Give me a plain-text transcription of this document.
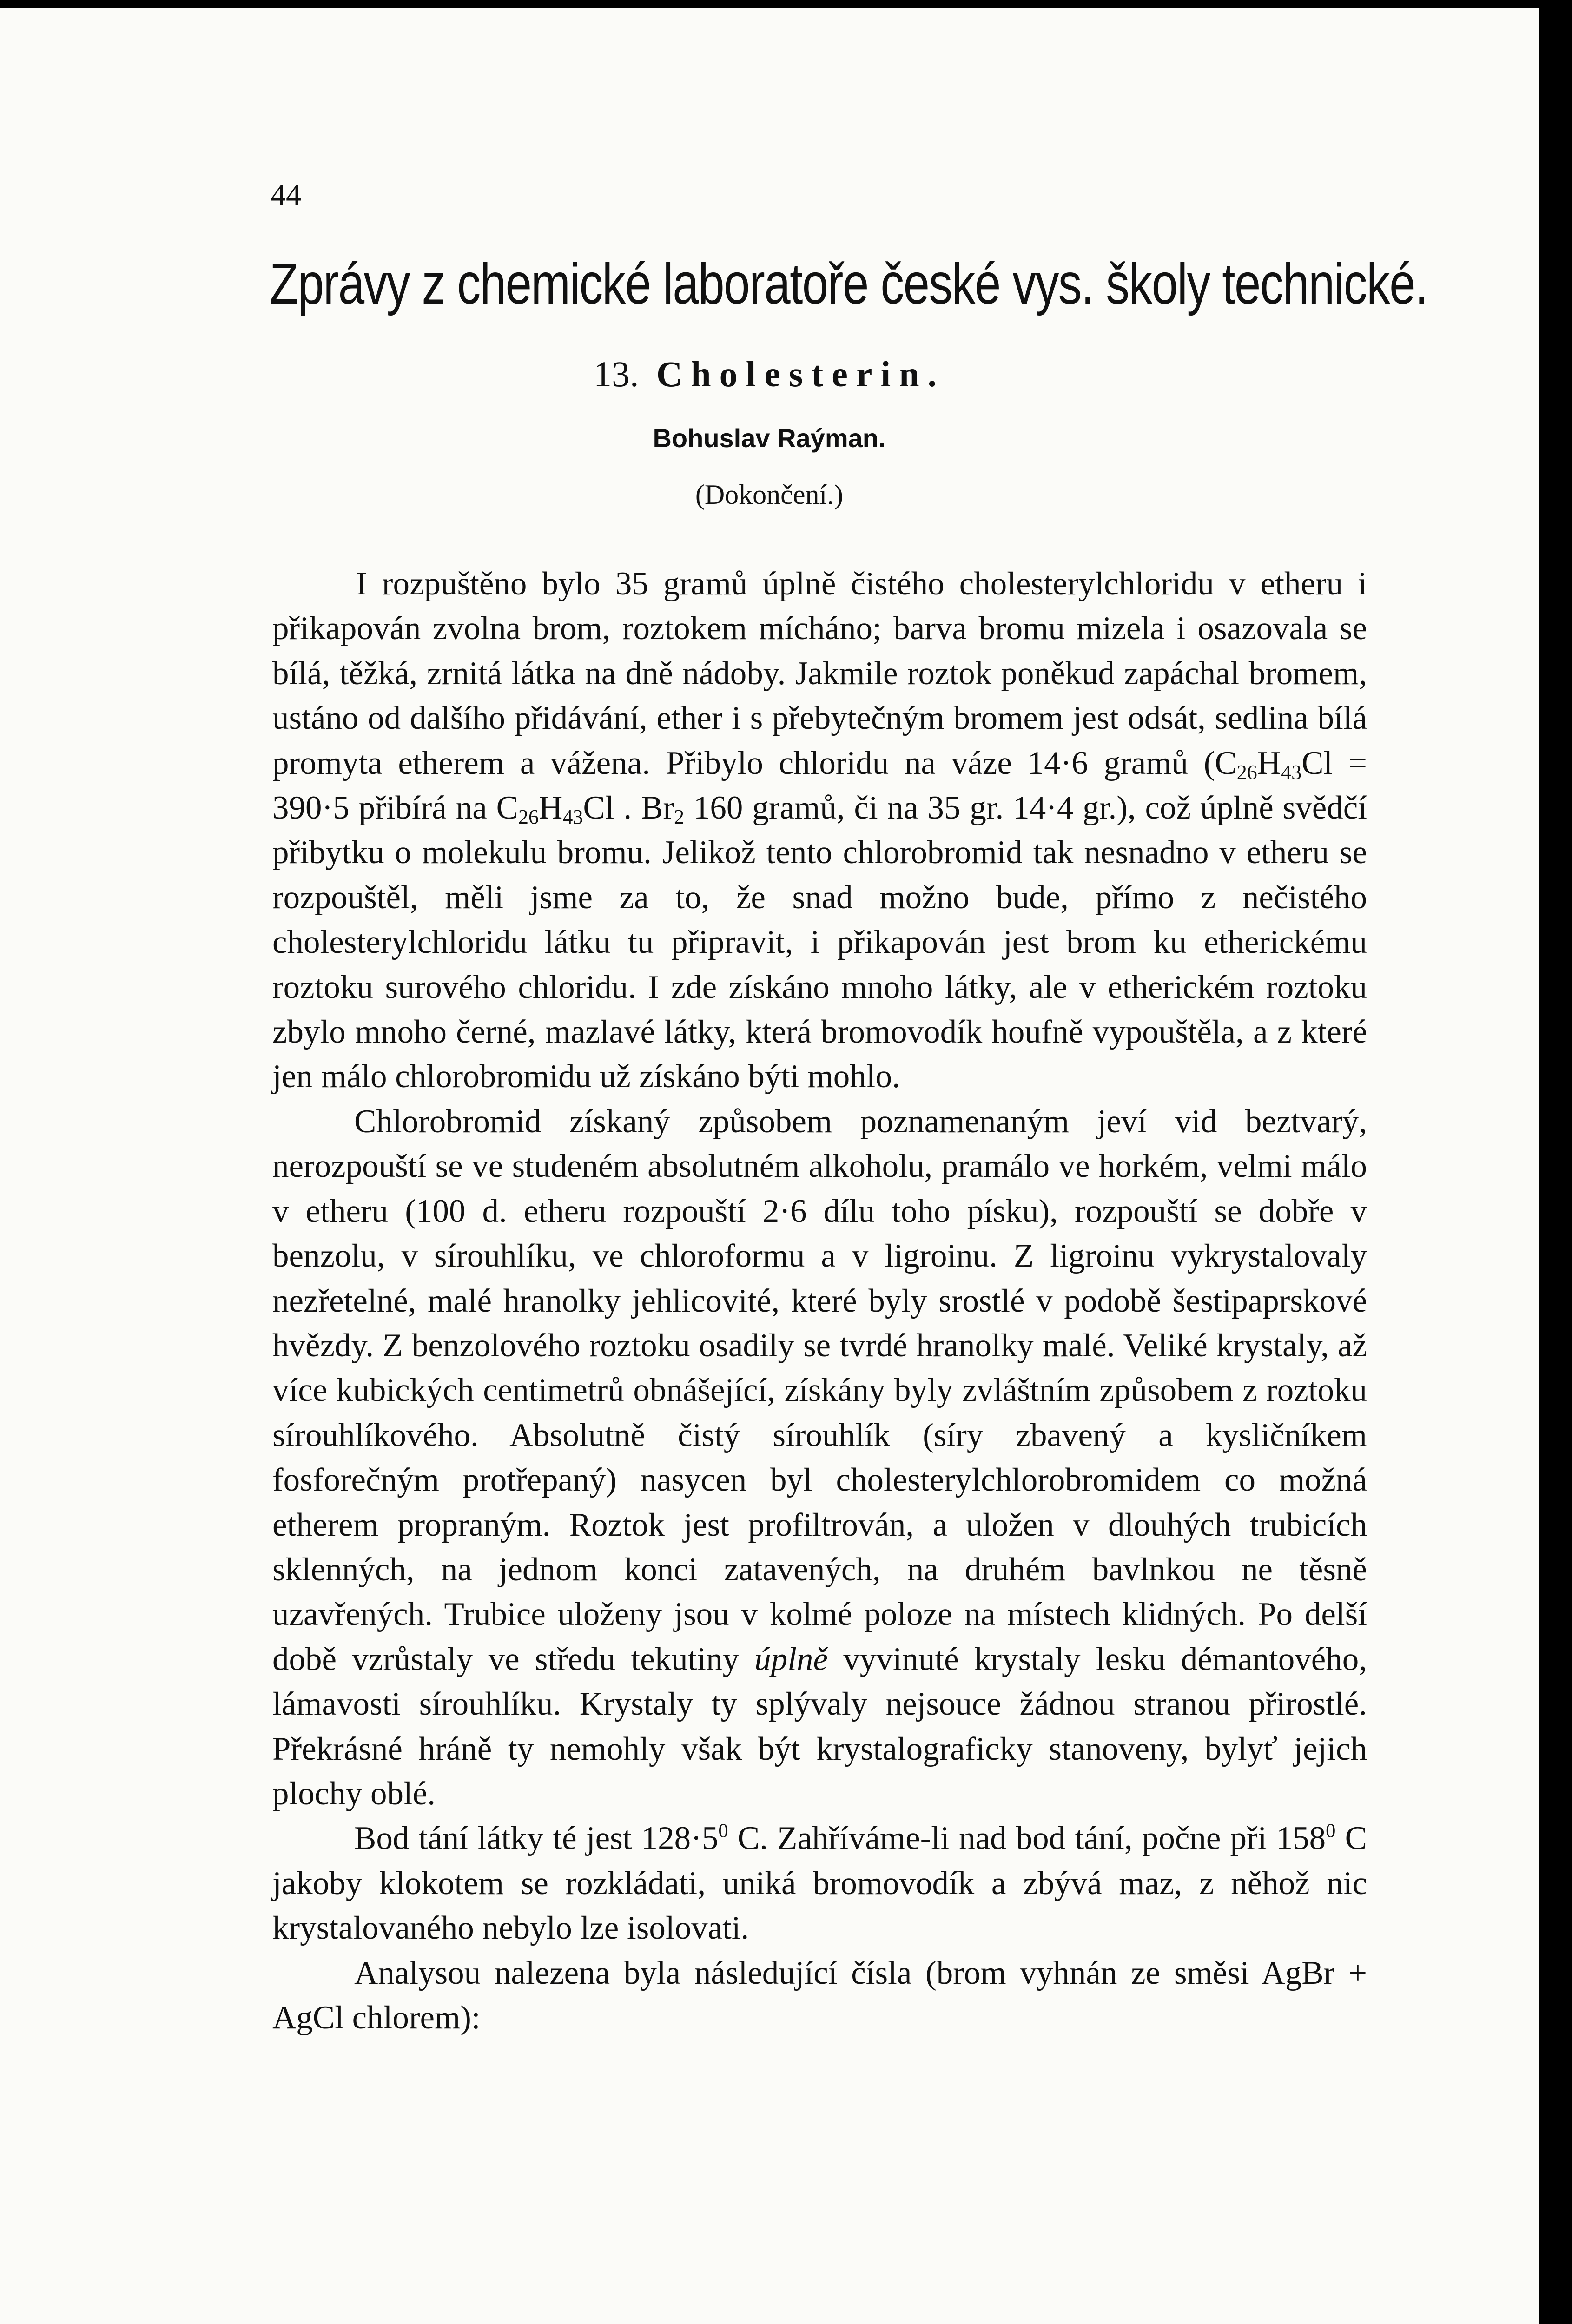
44
Zprávy z chemické laboratoře české vys. školy technické.
13. Cholesterin.
Bohuslav Raýman.
(Dokončení.)

I rozpuštěno bylo 35 gramů úplně čistého cholesterylchloridu v etheru i přikapován zvolna brom, roztokem mícháno; barva bromu mizela i osazovala se bílá, těžká, zrnitá látka na dně nádoby. Jakmile roztok poněkud zapáchal bromem, ustáno od dalšího přidávání, ether i s přebytečným bromem jest odsát, sedlina bílá promyta etherem a vážena. Přibylo chloridu na váze 14·6 gramů ($C_{26}H_{43}Cl = 390\cdot 5$ přibírá na $C_{26}H_{43}Cl$ . $Br_2$ 160 gramů, či na 35 gr. 14·4 gr.), což úplně svědčí přibytku o molekulu bromu. Jelikož tento chlorobromid tak nesnadno v etheru se rozpouštěl, měli jsme za to, že snad možno bude, přímo z nečistého cholesterylchloridu látku tu připravit, i přikapován jest brom ku etherickému roztoku surového chloridu. I zde získáno mnoho látky, ale v etherickém roztoku zbylo mnoho černé, mazlavé látky, která bromovodík houfně vypouštěla, a z které jen málo chlorobromidu už získáno býti mohlo.

Chlorobromid získaný způsobem poznamenaným jeví vid beztvarý, nerozpouští se ve studeném absolutném alkoholu, pramálo ve horkém, velmi málo v etheru (100 d. etheru rozpouští 2·6 dílu toho písku), rozpouští se dobře v benzolu, v sírouhlíku, ve chloroformu a v ligroinu. Z ligroinu vykrystalovaly nezřetelné, malé hranolky jehlicovité, které byly srostlé v podobě šestipaprskové hvězdy. Z benzolového roztoku osadily se tvrdé hranolky malé. Veliké krystaly, až více kubických centimetrů obnášející, získány byly zvláštním způsobem z roztoku sírouhlíkového. Absolutně čistý sírouhlík (síry zbavený a kysličníkem fosforečným protřepaný) nasycen byl cholesterylchlorobromidem co možná etherem propraným. Roztok jest profiltrován, a uložen v dlouhých trubicích sklenných, na jednom konci zatavených, na druhém bavlnkou ne těsně uzavřených. Trubice uloženy jsou v kolmé poloze na místech klidných. Po delší době vzrůstaly ve středu tekutiny úplně vyvinuté krystaly lesku démantového, lámavosti sírouhlíku. Krystaly ty splývaly nejsouce žádnou stranou přirostlé. Překrásné hráně ty nemohly však být krystalograficky stanoveny, bylyť jejich plochy oblé.

Bod tání látky té jest $128\cdot 5^0$ C. Zahříváme-li nad bod tání, počne při $158^0$ C jakoby klokotem se rozkládati, uniká bromovodík a zbývá maz, z něhož nic krystalovaného nebylo lze isolovati.

Analysou nalezena byla následující čísla (brom vyhnán ze směsi AgBr + AgCl chlorem):
